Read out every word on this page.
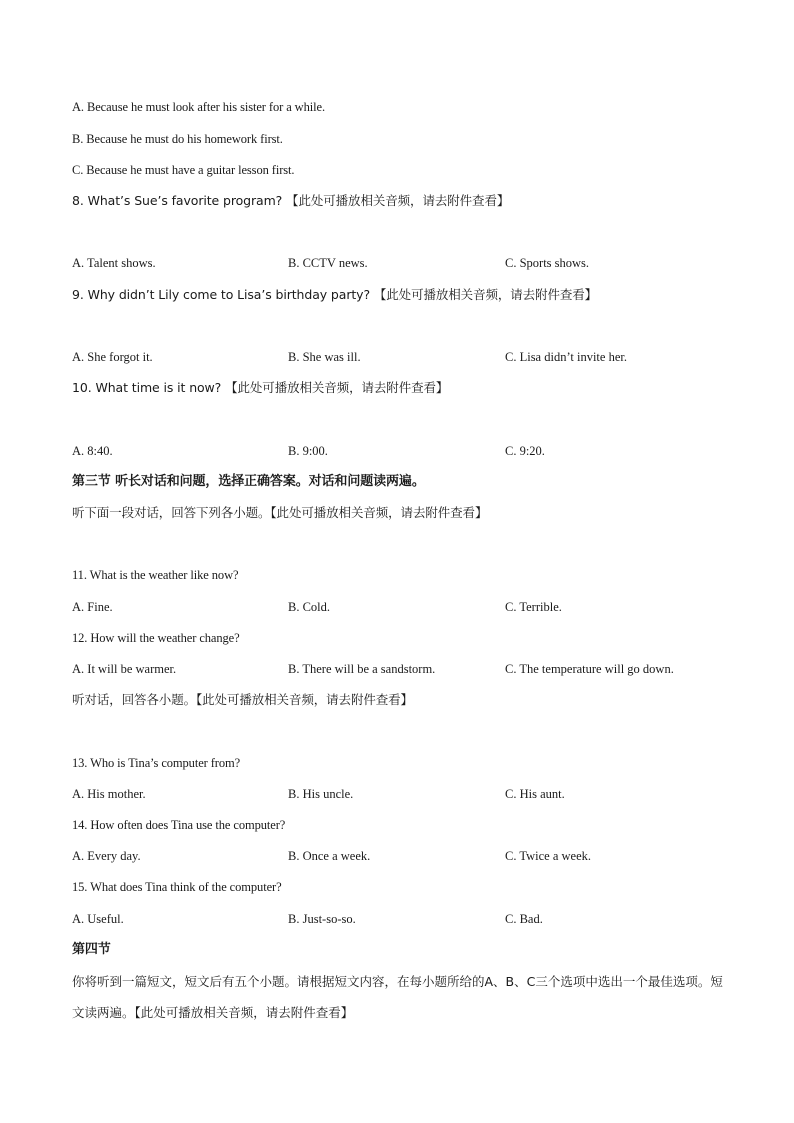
A. Because he must look after his sister for a while.
B. Because he must do his homework first.
C. Because he must have a guitar lesson first.
8. What’s Sue’s favorite program? 【此处可播放相关音频，请去附件查看】
A. Talent shows.	B. CCTV news.	C. Sports shows.
9. Why didn’t Lily come to Lisa’s birthday party? 【此处可播放相关音频，请去附件查看】
A. She forgot it.	B. She was ill.	C. Lisa didn’t invite her.
10. What time is it now? 【此处可播放相关音频，请去附件查看】
A. 8:40.	B. 9:00.	C. 9:20.
第三节 听长对话和问题，选择正确答案。对话和问题读两遍。
听下面一段对话，回答下列各小题。【此处可播放相关音频，请去附件查看】
11. What is the weather like now?
A. Fine.	B. Cold.	C. Terrible.
12. How will the weather change?
A. It will be warmer.	B. There will be a sandstorm.	C. The temperature will go down.
听对话，回答各小题。【此处可播放相关音频，请去附件查看】
13. Who is Tina’s computer from?
A. His mother.	B. His uncle.	C. His aunt.
14. How often does Tina use the computer?
A. Every day.	B. Once a week.	C. Twice a week.
15. What does Tina think of the computer?
A. Useful.	B. Just-so-so.	C. Bad.
第四节
你将听到一篇短文，短文后有五个小题。请根据短文内容，在每小题所给的A、B、C三个选项中选出一个最佳选项。短文读两遍。【此处可播放相关音频，请去附件查看】
